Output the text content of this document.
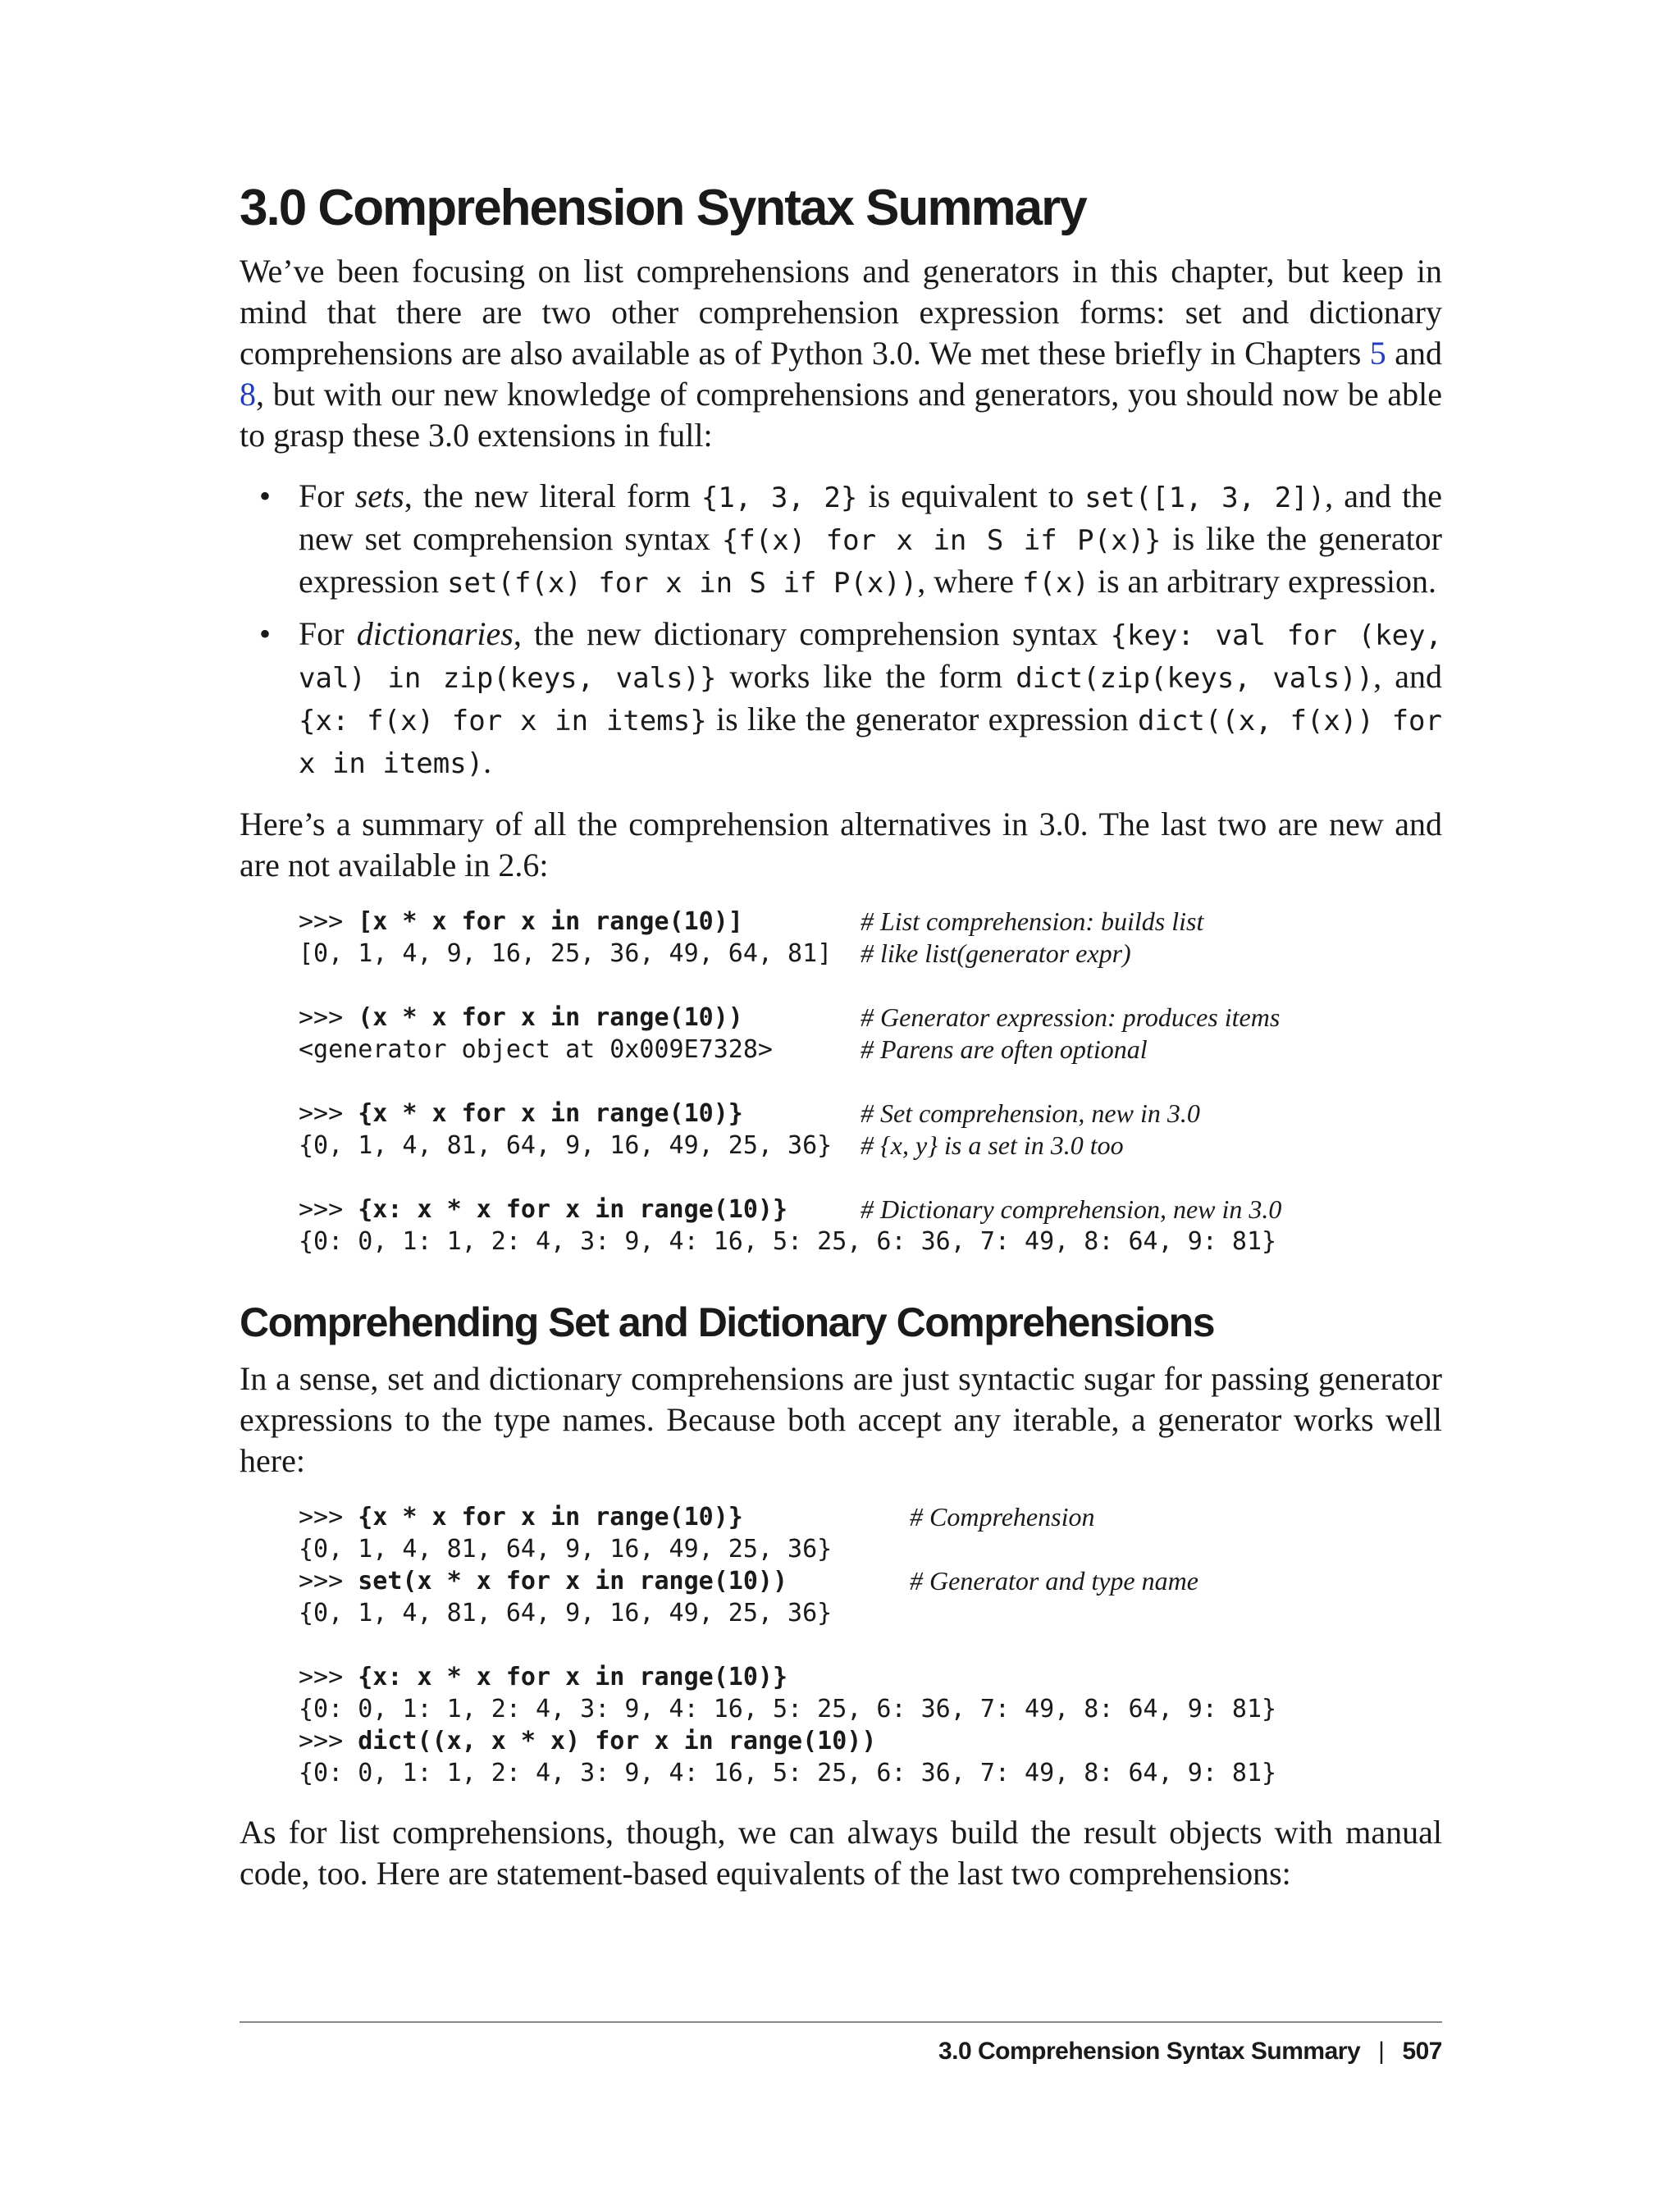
3.0 Comprehension Syntax Summary

We’ve been focusing on list comprehensions and generators in this chapter, but keep in mind that there are two other comprehension expression forms: set and dictionary comprehensions are also available as of Python 3.0. We met these briefly in Chapters 5 and 8, but with our new knowledge of comprehensions and generators, you should now be able to grasp these 3.0 extensions in full:

• For sets, the new literal form {1, 3, 2} is equivalent to set([1, 3, 2]), and the new set comprehension syntax {f(x) for x in S if P(x)} is like the generator expression set(f(x) for x in S if P(x)), where f(x) is an arbitrary expression.
• For dictionaries, the new dictionary comprehension syntax {key: val for (key, val) in zip(keys, vals)} works like the form dict(zip(keys, vals)), and {x: f(x) for x in items} is like the generator expression dict((x, f(x)) for x in items).

Here’s a summary of all the comprehension alternatives in 3.0. The last two are new and are not available in 2.6:

>>> [x * x for x in range(10)]	# List comprehension: builds list
[0, 1, 4, 9, 16, 25, 36, 49, 64, 81]	# like list(generator expr)
>>> (x * x for x in range(10))	# Generator expression: produces items
<generator object at 0x009E7328>	# Parens are often optional
>>> {x * x for x in range(10)}	# Set comprehension, new in 3.0
{0, 1, 4, 81, 64, 9, 16, 49, 25, 36}	# {x, y} is a set in 3.0 too
>>> {x: x * x for x in range(10)}	# Dictionary comprehension, new in 3.0
{0: 0, 1: 1, 2: 4, 3: 9, 4: 16, 5: 25, 6: 36, 7: 49, 8: 64, 9: 81}
Comprehending Set and Dictionary Comprehensions

In a sense, set and dictionary comprehensions are just syntactic sugar for passing generator expressions to the type names. Because both accept any iterable, a generator works well here:

>>> {x * x for x in range(10)}	# Comprehension
{0, 1, 4, 81, 64, 9, 16, 49, 25, 36}
>>> set(x * x for x in range(10))	# Generator and type name
{0, 1, 4, 81, 64, 9, 16, 49, 25, 36}
>>> {x: x * x for x in range(10)}
{0: 0, 1: 1, 2: 4, 3: 9, 4: 16, 5: 25, 6: 36, 7: 49, 8: 64, 9: 81}
>>> dict((x, x * x) for x in range(10))
{0: 0, 1: 1, 2: 4, 3: 9, 4: 16, 5: 25, 6: 36, 7: 49, 8: 64, 9: 81}

As for list comprehensions, though, we can always build the result objects with manual code, too. Here are statement-based equivalents of the last two comprehensions:

3.0 Comprehension Syntax Summary | 507
